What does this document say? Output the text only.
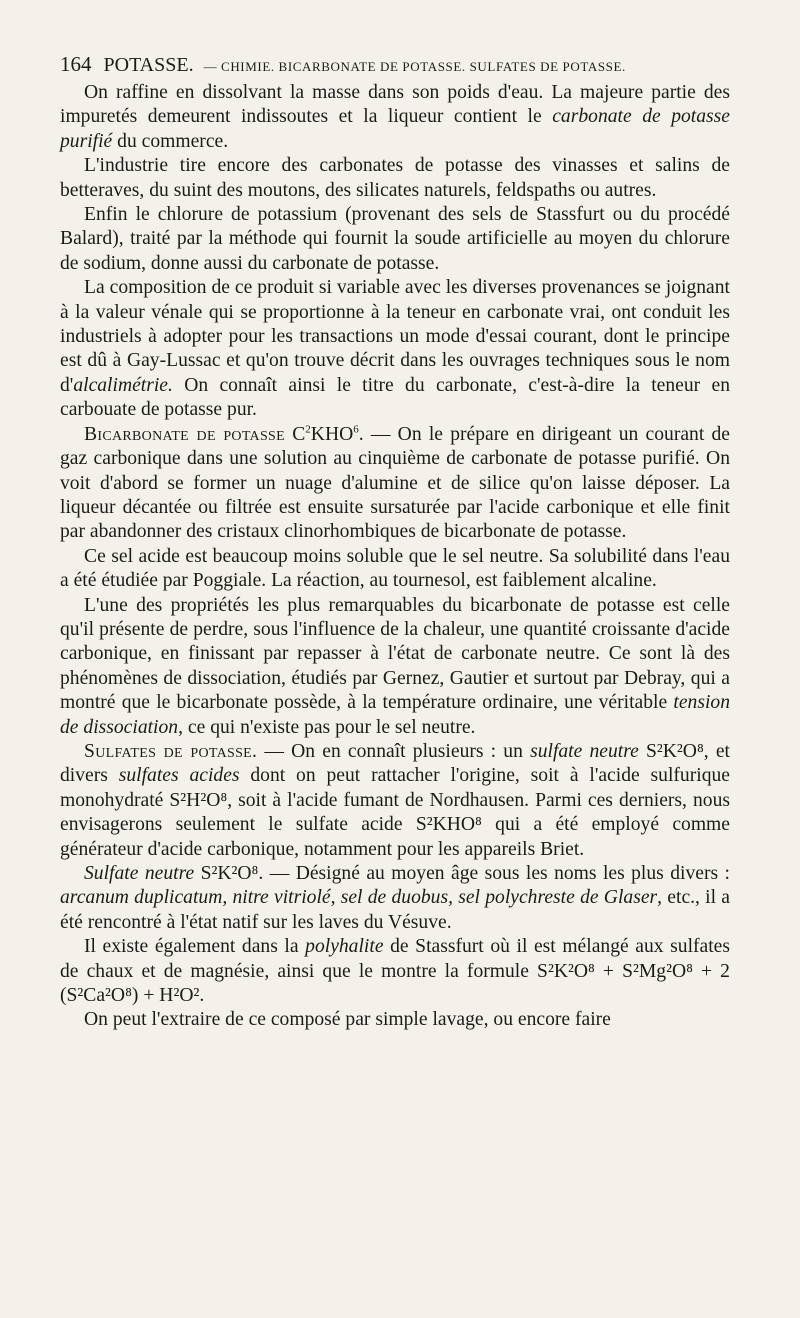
164 POTASSE. — CHIMIE. BICARBONATE DE POTASSE. SULFATES DE POTASSE.

On raffine en dissolvant la masse dans son poids d'eau. La majeure partie des impuretés demeurent indissoutes et la liqueur contient le carbonate de potasse purifié du commerce.

L'industrie tire encore des carbonates de potasse des vinasses et salins de betteraves, du suint des moutons, des silicates naturels, feldspaths ou autres.

Enfin le chlorure de potassium (provenant des sels de Stassfurt ou du procédé Balard), traité par la méthode qui fournit la soude artificielle au moyen du chlorure de sodium, donne aussi du carbonate de potasse.

La composition de ce produit si variable avec les diverses provenances se joignant à la valeur vénale qui se proportionne à la teneur en carbonate vrai, ont conduit les industriels à adopter pour les transactions un mode d'essai courant, dont le principe est dû à Gay-Lussac et qu'on trouve décrit dans les ouvrages techniques sous le nom d'alcalimétrie. On connaît ainsi le titre du carbonate, c'est-à-dire la teneur en carbouate de potasse pur.

Bicarbonate de potasse $C^2KHO^6$. — On le prépare en dirigeant un courant de gaz carbonique dans une solution au cinquième de carbonate de potasse purifié. On voit d'abord se former un nuage d'alumine et de silice qu'on laisse déposer. La liqueur décantée ou filtrée est ensuite sursaturée par l'acide carbonique et elle finit par abandonner des cristaux clinorhombiques de bicarbonate de potasse.

Ce sel acide est beaucoup moins soluble que le sel neutre. Sa solubilité dans l'eau a été étudiée par Poggiale. La réaction, au tournesol, est faiblement alcaline.

L'une des propriétés les plus remarquables du bicarbonate de potasse est celle qu'il présente de perdre, sous l'influence de la chaleur, une quantité croissante d'acide carbonique, en finissant par repasser à l'état de carbonate neutre. Ce sont là des phénomènes de dissociation, étudiés par Gernez, Gautier et surtout par Debray, qui a montré que le bicarbonate possède, à la température ordinaire, une véritable tension de dissociation, ce qui n'existe pas pour le sel neutre.

Sulfates de potasse. — On en connaît plusieurs : un sulfate neutre S²K²O⁸, et divers sulfates acides dont on peut rattacher l'origine, soit à l'acide sulfurique monohydraté S²H²O⁸, soit à l'acide fumant de Nordhausen. Parmi ces derniers, nous envisagerons seulement le sulfate acide S²KHO⁸ qui a été employé comme générateur d'acide carbonique, notamment pour les appareils Briet.

Sulfate neutre S²K²O⁸. — Désigné au moyen âge sous les noms les plus divers : arcanum duplicatum, nitre vitriolé, sel de duobus, sel polychreste de Glaser, etc., il a été rencontré à l'état natif sur les laves du Vésuve.

Il existe également dans la polyhalite de Stassfurt où il est mélangé aux sulfates de chaux et de magnésie, ainsi que le montre la formule S²K²O⁸ + S²Mg²O⁸ + 2 (S²Ca²O⁸) + H²O².

On peut l'extraire de ce composé par simple lavage, ou encore faire
